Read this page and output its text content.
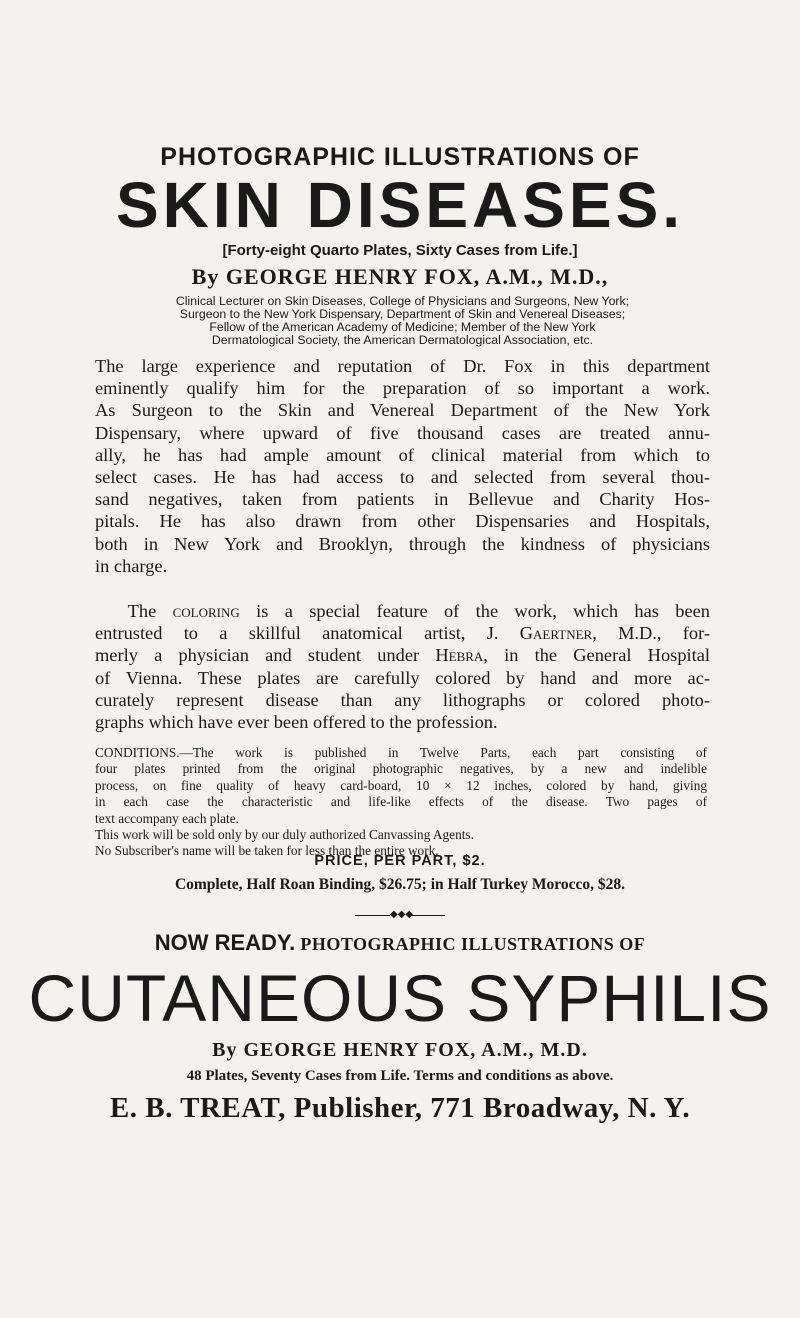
PHOTOGRAPHIC ILLUSTRATIONS OF
SKIN DISEASES.
[Forty-eight Quarto Plates, Sixty Cases from Life.]
By GEORGE HENRY FOX, A.M., M.D.,
Clinical Lecturer on Skin Diseases, College of Physicians and Surgeons, New York;
Surgeon to the New York Dispensary, Department of Skin and Venereal Diseases;
Fellow of the American Academy of Medicine; Member of the New York
Dermatological Society, the American Dermatological Association, etc.
The large experience and reputation of Dr. Fox in this department
eminently qualify him for the preparation of so important a work.
As Surgeon to the Skin and Venereal Department of the New York
Dispensary, where upward of five thousand cases are treated annu-
ally, he has had ample amount of clinical material from which to
select cases. He has had access to and selected from several thou-
sand negatives, taken from patients in Bellevue and Charity Hos-
pitals. He has also drawn from other Dispensaries and Hospitals,
both in New York and Brooklyn, through the kindness of physicians
in charge.
The coloring is a special feature of the work, which has been
entrusted to a skillful anatomical artist, J. Gaertner, M.D., for-
merly a physician and student under Hebra, in the General Hospital
of Vienna. These plates are carefully colored by hand and more ac-
curately represent disease than any lithographs or colored photo-
graphs which have ever been offered to the profession.
CONDITIONS.—The work is published in Twelve Parts, each part consisting of
four plates printed from the original photographic negatives, by a new and indelible
process, on fine quality of heavy card-board, 10 × 12 inches, colored by hand, giving
in each case the characteristic and life-like effects of the disease. Two pages of
text accompany each plate.
This work will be sold only by our duly authorized Canvassing Agents.
No Subscriber's name will be taken for less than the entire work.
PRICE, PER PART, $2.
Complete, Half Roan Binding, $26.75; in Half Turkey Morocco, $28.
◆◆◆
NOW READY. PHOTOGRAPHIC ILLUSTRATIONS OF
CUTANEOUS SYPHILIS
By GEORGE HENRY FOX, A.M., M.D.
48 Plates, Seventy Cases from Life. Terms and conditions as above.
E. B. TREAT, Publisher, 771 Broadway, N. Y.
